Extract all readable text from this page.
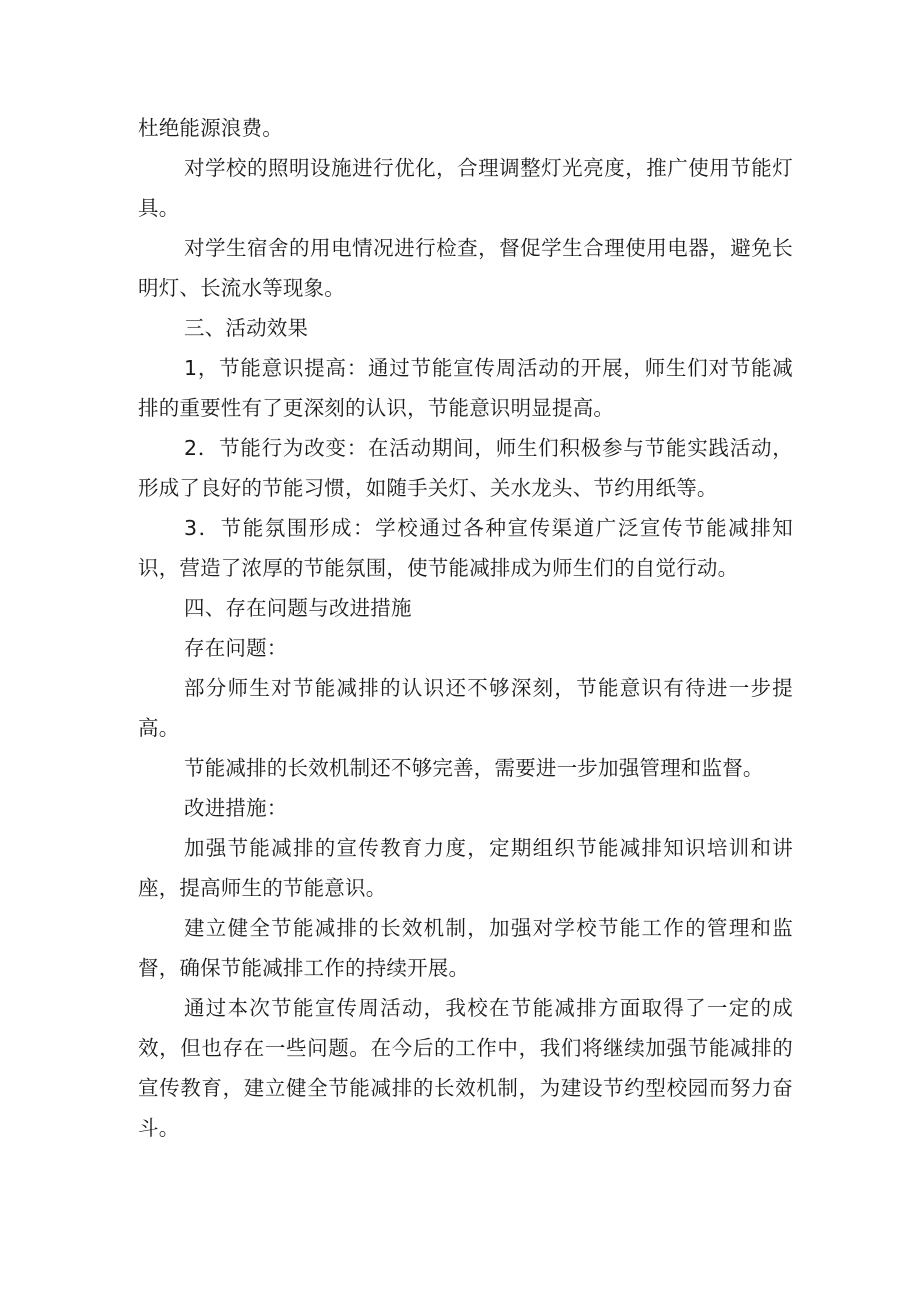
杜绝能源浪费。

对学校的照明设施进行优化，合理调整灯光亮度，推广使用节能灯具。

对学生宿舍的用电情况进行检查，督促学生合理使用电器，避免长明灯、长流水等现象。

三、活动效果

1，节能意识提高：通过节能宣传周活动的开展，师生们对节能减排的重要性有了更深刻的认识，节能意识明显提高。

2．节能行为改变：在活动期间，师生们积极参与节能实践活动，形成了良好的节能习惯，如随手关灯、关水龙头、节约用纸等。

3．节能氛围形成：学校通过各种宣传渠道广泛宣传节能减排知识，营造了浓厚的节能氛围，使节能减排成为师生们的自觉行动。

四、存在问题与改进措施

存在问题：

部分师生对节能减排的认识还不够深刻，节能意识有待进一步提高。

节能减排的长效机制还不够完善，需要进一步加强管理和监督。

改进措施：

加强节能减排的宣传教育力度，定期组织节能减排知识培训和讲座，提高师生的节能意识。

建立健全节能减排的长效机制，加强对学校节能工作的管理和监督，确保节能减排工作的持续开展。

通过本次节能宣传周活动，我校在节能减排方面取得了一定的成效，但也存在一些问题。在今后的工作中，我们将继续加强节能减排的宣传教育，建立健全节能减排的长效机制，为建设节约型校园而努力奋斗。
